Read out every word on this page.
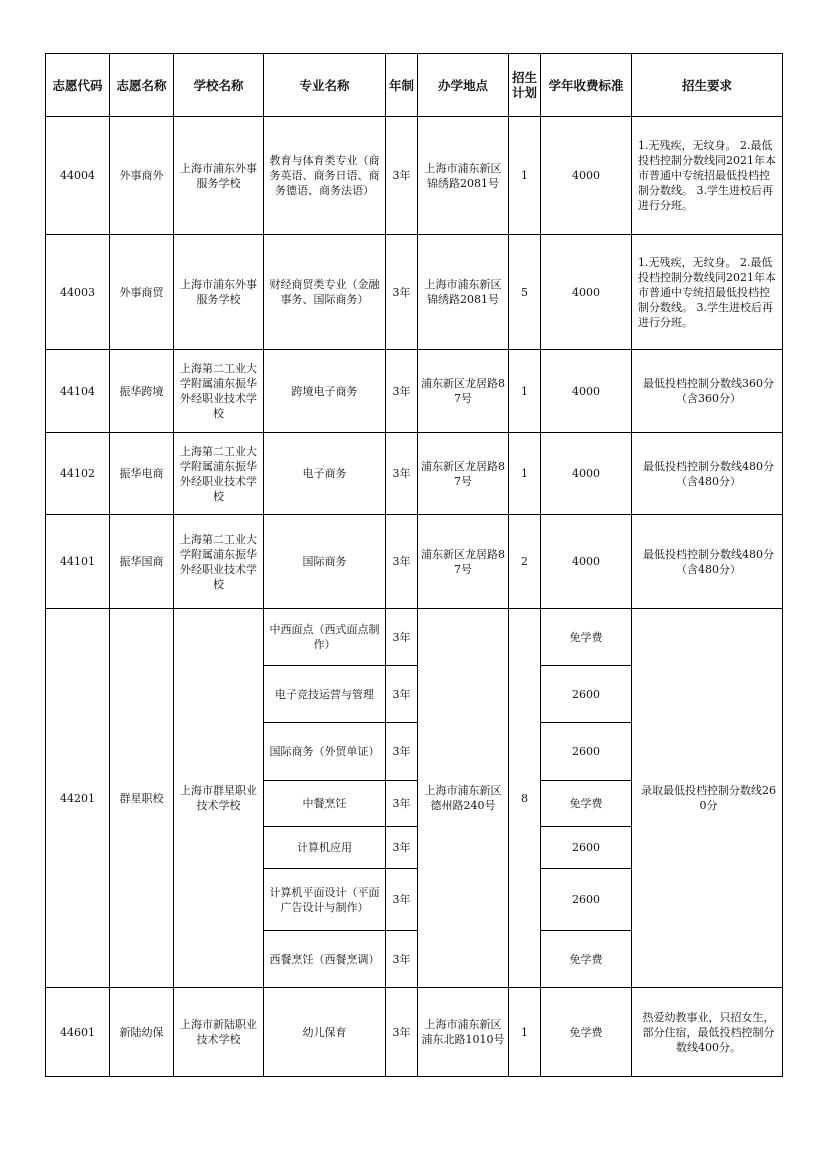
志愿代码	志愿名称	学校名称	专业名称	年制	办学地点	招生计划	学年收费标准	招生要求
44004	外事商外	上海市浦东外事服务学校	教育与体育类专业（商务英语、商务日语、商务德语、商务法语）	3年	上海市浦东新区锦绣路2081号	1	4000	1.无残疾，无纹身。 2.最低投档控制分数线同2021年本市普通中专统招最低投档控制分数线。 3.学生进校后再进行分班。
44003	外事商贸	上海市浦东外事服务学校	财经商贸类专业（金融事务、国际商务）	3年	上海市浦东新区锦绣路2081号	5	4000	1.无残疾，无纹身。 2.最低投档控制分数线同2021年本市普通中专统招最低投档控制分数线。 3.学生进校后再进行分班。
44104	振华跨境	上海第二工业大学附属浦东振华外经职业技术学校	跨境电子商务	3年	浦东新区龙居路87号	1	4000	最低投档控制分数线360分（含360分）
44102	振华电商	上海第二工业大学附属浦东振华外经职业技术学校	电子商务	3年	浦东新区龙居路87号	1	4000	最低投档控制分数线480分（含480分）
44101	振华国商	上海第二工业大学附属浦东振华外经职业技术学校	国际商务	3年	浦东新区龙居路87号	2	4000	最低投档控制分数线480分（含480分）
44201	群星职校	上海市群星职业技术学校	中西面点（西式面点制作）	3年	上海市浦东新区德州路240号	8	免学费	录取最低投档控制分数线260分
			电子竞技运营与管理	3年			2600	
			国际商务（外贸单证）	3年			2600	
			中餐烹饪	3年			免学费	
			计算机应用	3年			2600	
			计算机平面设计（平面广告设计与制作）	3年			2600	
			西餐烹饪（西餐烹调）	3年			免学费	
44601	新陆幼保	上海市新陆职业技术学校	幼儿保育	3年	上海市浦东新区浦东北路1010号	1	免学费	热爱幼教事业，只招女生，部分住宿，最低投档控制分数线400分。
